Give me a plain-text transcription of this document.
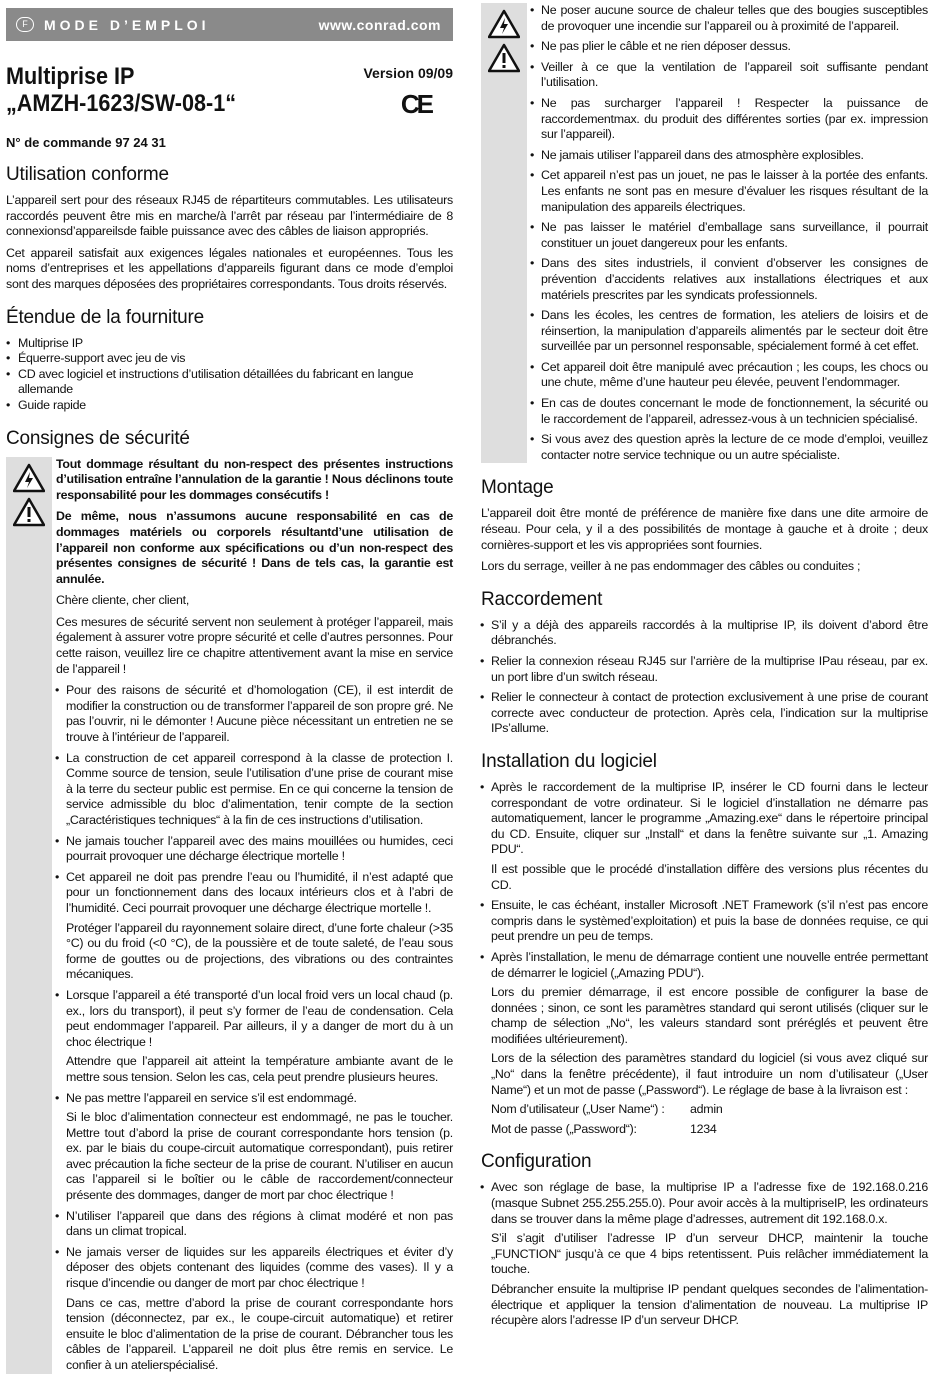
F	MODE D’EMPLOI	www.conrad.com
Multiprise IP
„AMZH-1623/SW-08-1“
Version 09/09
CE
N° de commande 97 24 31
Utilisation conforme

L’appareil sert pour des réseaux RJ45 de répartiteurs commutables. Les utilisateurs raccordés peuvent être mis en marche/à l’arrêt par réseau par l’intermédiaire de 8 connexionsd’appareilsde faible puissance avec des câbles de liaison appropriés.

Cet appareil satisfait aux exigences légales nationales et européennes. Tous les noms d’entreprises et les appellations d’appareils figurant dans ce mode d’emploi sont des marques déposées des propriétaires correspondants. Tous droits réservés.

Étendue de la fourniture
• Multiprise IP
• Équerre-support avec jeu de vis
• CD avec logiciel et instructions d’utilisation détaillées du fabricant en langue allemande
• Guide rapide
Consignes de sécurité

Tout dommage résultant du non-respect des présentes instructions d’utilisation entraîne l’annulation de la garantie ! Nous déclinons toute responsabilité pour les dommages consécutifs !

De même, nous n’assumons aucune responsabilité en cas de dommages matériels ou corporels résultantd’une utilisation de l’appareil non conforme aux spécifications ou d’un non-respect des présentes consignes de sécurité ! Dans de tels cas, la garantie est annulée.

Chère cliente, cher client,

Ces mesures de sécurité servent non seulement à protéger l’appareil, mais également à assurer votre propre sécurité et celle d’autres personnes. Pour cette raison, veuillez lire ce chapitre attentivement avant la mise en service de l’appareil !

• Pour des raisons de sécurité et d’homologation (CE), il est interdit de modifier la construction ou de transformer l’appareil de son propre gré. Ne pas l’ouvrir, ni le démonter ! Aucune pièce nécessitant un entretien ne se trouve à l’intérieur de l’appareil.
• La construction de cet appareil correspond à la classe de protection I. Comme source de tension, seule l’utilisation d’une prise de courant mise à la terre du secteur public est permise. En ce qui concerne la tension de service admissible du bloc d’alimentation, tenir compte de la section „Caractéristiques techniques“ à la fin de ces instructions d’utilisation.
• Ne jamais toucher l’appareil avec des mains mouillées ou humides, ceci pourrait provoquer une décharge électrique mortelle !
• Cet appareil ne doit pas prendre l’eau ou l’humidité, il n’est adapté que pour un fonctionnement dans des locaux intérieurs clos et à l’abri de l’humidité. Ceci pourrait provoquer une décharge électrique mortelle !.
Protéger l’appareil du rayonnement solaire direct, d’une forte chaleur (>35 °C) ou du froid (<0 °C), de la poussière et de toute saleté, de l’eau sous forme de gouttes ou de projections, des vibrations ou des contraintes mécaniques.
• Lorsque l’appareil a été transporté d’un local froid vers un local chaud (p. ex., lors du transport), il peut s’y former de l’eau de condensation. Cela peut endommager l’appareil. Par ailleurs, il y a danger de mort du à un choc électrique !
Attendre que l’appareil ait atteint la température ambiante avant de le mettre sous tension. Selon les cas, cela peut prendre plusieurs heures.
• Ne pas mettre l’appareil en service s’il est endommagé.
Si le bloc d’alimentation connecteur est endommagé, ne pas le toucher. Mettre tout d’abord la prise de courant correspondante hors tension (p. ex. par le biais du coupe-circuit automatique correspondant), puis retirer avec précaution la fiche secteur de la prise de courant. N’utiliser en aucun cas l’appareil si le boîtier ou le câble de raccordement/connecteur présente des dommages, danger de mort par choc électrique !
• N’utiliser l’appareil que dans des régions à climat modéré et non pas dans un climat tropical.
• Ne jamais verser de liquides sur les appareils électriques et éviter d’y déposer des objets contenant des liquides (comme des vases). Il y a risque d’incendie ou danger de mort par choc électrique !
Dans ce cas, mettre d’abord la prise de courant correspondante hors tension (déconnectez, par ex., le coupe-circuit automatique) et retirer ensuite le bloc d’alimentation de la prise de courant. Débrancher tous les câbles de l’appareil. L’appareil ne doit plus être remis en service. Le confier à un atelierspécialisé.
• Ne poser aucune source de chaleur telles que des bougies susceptibles de provoquer une incendie sur l’appareil ou à proximité de l’appareil.
• Ne pas plier le câble et ne rien déposer dessus.
• Veiller à ce que la ventilation de l’appareil soit suffisante pendant l’utilisation.
• Ne pas surcharger l’appareil ! Respecter la puissance de raccordementmax. du produit des différentes sorties (par ex. impression sur l’appareil).
• Ne jamais utiliser l’appareil dans des atmosphère explosibles.
• Cet appareil n’est pas un jouet, ne pas le laisser à la portée des enfants. Les enfants ne sont pas en mesure d’évaluer les risques résultant de la manipulation des appareils électriques.
• Ne pas laisser le matériel d’emballage sans surveillance, il pourrait constituer un jouet dangereux pour les enfants.
• Dans des sites industriels, il convient d’observer les consignes de prévention d’accidents relatives aux installations électriques et aux matériels prescrites par les syndicats professionnels.
• Dans les écoles, les centres de formation, les ateliers de loisirs et de réinsertion, la manipulation d’appareils alimentés par le secteur doit être surveillée par un personnel responsable, spécialement formé à cet effet.
• Cet appareil doit être manipulé avec précaution ; les coups, les chocs ou une chute, même d’une hauteur peu élevée, peuvent l’endommager.
• En cas de doutes concernant le mode de fonctionnement, la sécurité ou le raccordement de l’appareil, adressez-vous à un technicien spécialisé.
• Si vous avez des question après la lecture de ce mode d’emploi, veuillez contacter notre service technique ou un autre spécialiste.
Montage

L’appareil doit être monté de préférence de manière fixe dans une dite armoire de réseau. Pour cela, y il a des possibilités de montage à gauche et à droite ; deux cornières-support et les vis appropriées sont fournies.

Lors du serrage, veiller à ne pas endommager des câbles ou conduites ;

Raccordement
• S’il y a déjà des appareils raccordés à la multiprise IP, ils doivent d’abord être débranchés.
• Relier la connexion réseau RJ45 sur l’arrière de la multiprise IPau réseau, par ex. un port libre d’un switch réseau.
• Relier le connecteur à contact de protection exclusivement à une prise de courant correcte avec conducteur de protection. Après cela, l’indication sur la multiprise IPs’allume.
Installation du logiciel
• Après le raccordement de la multiprise IP, insérer le CD fourni dans le lecteur correspondant de votre ordinateur. Si le logiciel d’installation ne démarre pas automatiquement, lancer le programme „Amazing.exe“ dans le répertoire principal du CD. Ensuite, cliquer sur „Install“ et dans la fenêtre suivante sur „1. Amazing PDU“.
Il est possible que le procédé d’installation diffère des versions plus récentes du CD.
• Ensuite, le cas échéant, installer Microsoft .NET Framework (s’il n’est pas encore compris dans le systèmed’exploitation) et puis la base de données requise, ce qui peut prendre un peu de temps.
• Après l’installation, le menu de démarrage contient une nouvelle entrée permettant de démarrer le logiciel („Amazing PDU“).
Lors du premier démarrage, il est encore possible de configurer la base de données ; sinon, ce sont les paramètres standard qui seront utilisés (cliquer sur le champ de sélection „No“, les valeurs standard sont préréglés et peuvent être modifiées ultérieurement).
Lors de la sélection des paramètres standard du logiciel (si vous avez cliqué sur „No“ dans la fenêtre précédente), il faut introduire un nom d’utilisateur („User Name“) et un mot de passe („Password“). Le réglage de base à la livraison est :
Nom d’utilisateur („User Name“) :	admin
Mot de passe („Password“):	1234
Configuration
• Avec son réglage de base, la multiprise IP a l’adresse fixe de 192.168.0.216 (masque Subnet 255.255.255.0). Pour avoir accès à la multipriseIP, les ordinateurs dans se trouver dans la même plage d’adresses, autrement dit 192.168.0.x.
S’il s’agit d’utiliser l’adresse IP d’un serveur DHCP, maintenir la touche „FUNCTION“ jusqu’à ce que 4 bips retentissent. Puis relâcher immédiatement la touche.
Débrancher ensuite la multiprise IP pendant quelques secondes de l’alimentation-électrique et appliquer la tension d’alimentation de nouveau. La multiprise IP récupère alors l’adresse IP d’un serveur DHCP.
